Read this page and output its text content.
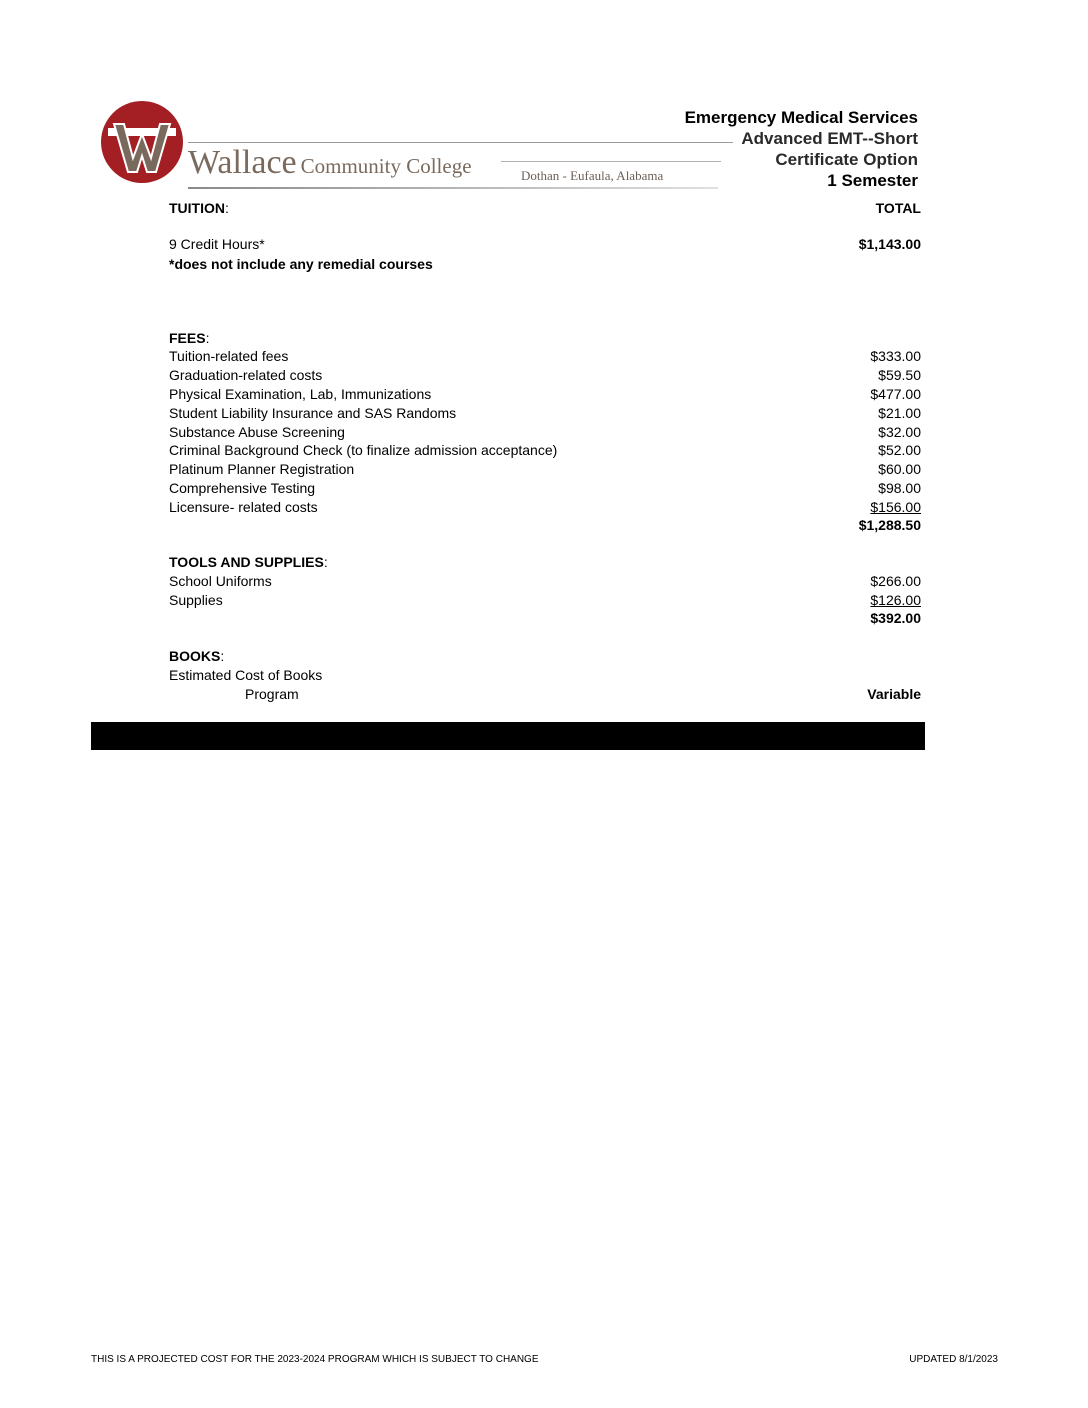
Wallace Community College	Dothan - Eufaula, Alabama
Emergency Medical Services
Advanced EMT--Short
Certificate Option
1 Semester
TUITION:	TOTAL
9 Credit Hours*	$1,143.00
*does not include any remedial courses
FEES:
Tuition-related fees	$333.00
Graduation-related costs	$59.50
Physical Examination, Lab, Immunizations	$477.00
Student Liability Insurance and SAS Randoms	$21.00
Substance Abuse Screening	$32.00
Criminal Background Check (to finalize admission acceptance)	$52.00
Platinum Planner Registration	$60.00
Comprehensive Testing	$98.00
Licensure- related costs	$156.00
$1,288.50
TOOLS AND SUPPLIES:
School Uniforms	$266.00
Supplies	$126.00
$392.00
BOOKS:
Estimated Cost of Books
Program	Variable
THIS IS A PROJECTED COST FOR THE 2023-2024 PROGRAM WHICH IS SUBJECT TO CHANGE	UPDATED 8/1/2023
